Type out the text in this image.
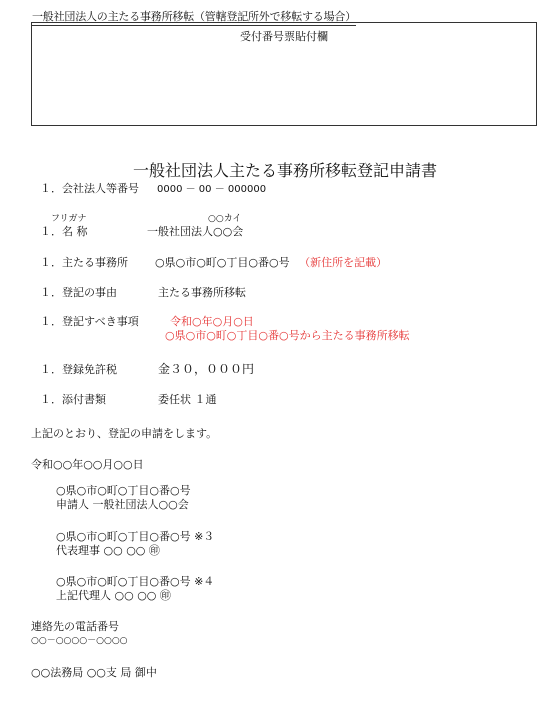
一般社団法人の主たる事務所移転（管轄登記所外で移転する場合）
受付番号票貼付欄
一般社団法人主たる事務所移転登記申請書
１．会社法人等番号 0000 － 00 － 000000
フリガナ	○○カイ
１．名 称	一般社団法人○○会
１．主たる事務所 ○県○市○町○丁目○番○号 （新住所を記載）
１．登記の事由	主たる事務所移転
１．登記すべき事項	令和○年○月○日
○県○市○町○丁目○番○号から主たる事務所移転
１．登録免許税	金３０，０００円
１．添付書類	委任状 １通
上記のとおり、登記の申請をします。
令和○○年○○月○○日
○県○市○町○丁目○番○号
申請人 一般社団法人○○会
○県○市○町○丁目○番○号 ※３
代表理事 ○○ ○○ ㊞
○県○市○町○丁目○番○号 ※４
上記代理人 ○○ ○○ ㊞
連絡先の電話番号
○○－○○○○－○○○○
○○法務局 ○○支 局 御中
